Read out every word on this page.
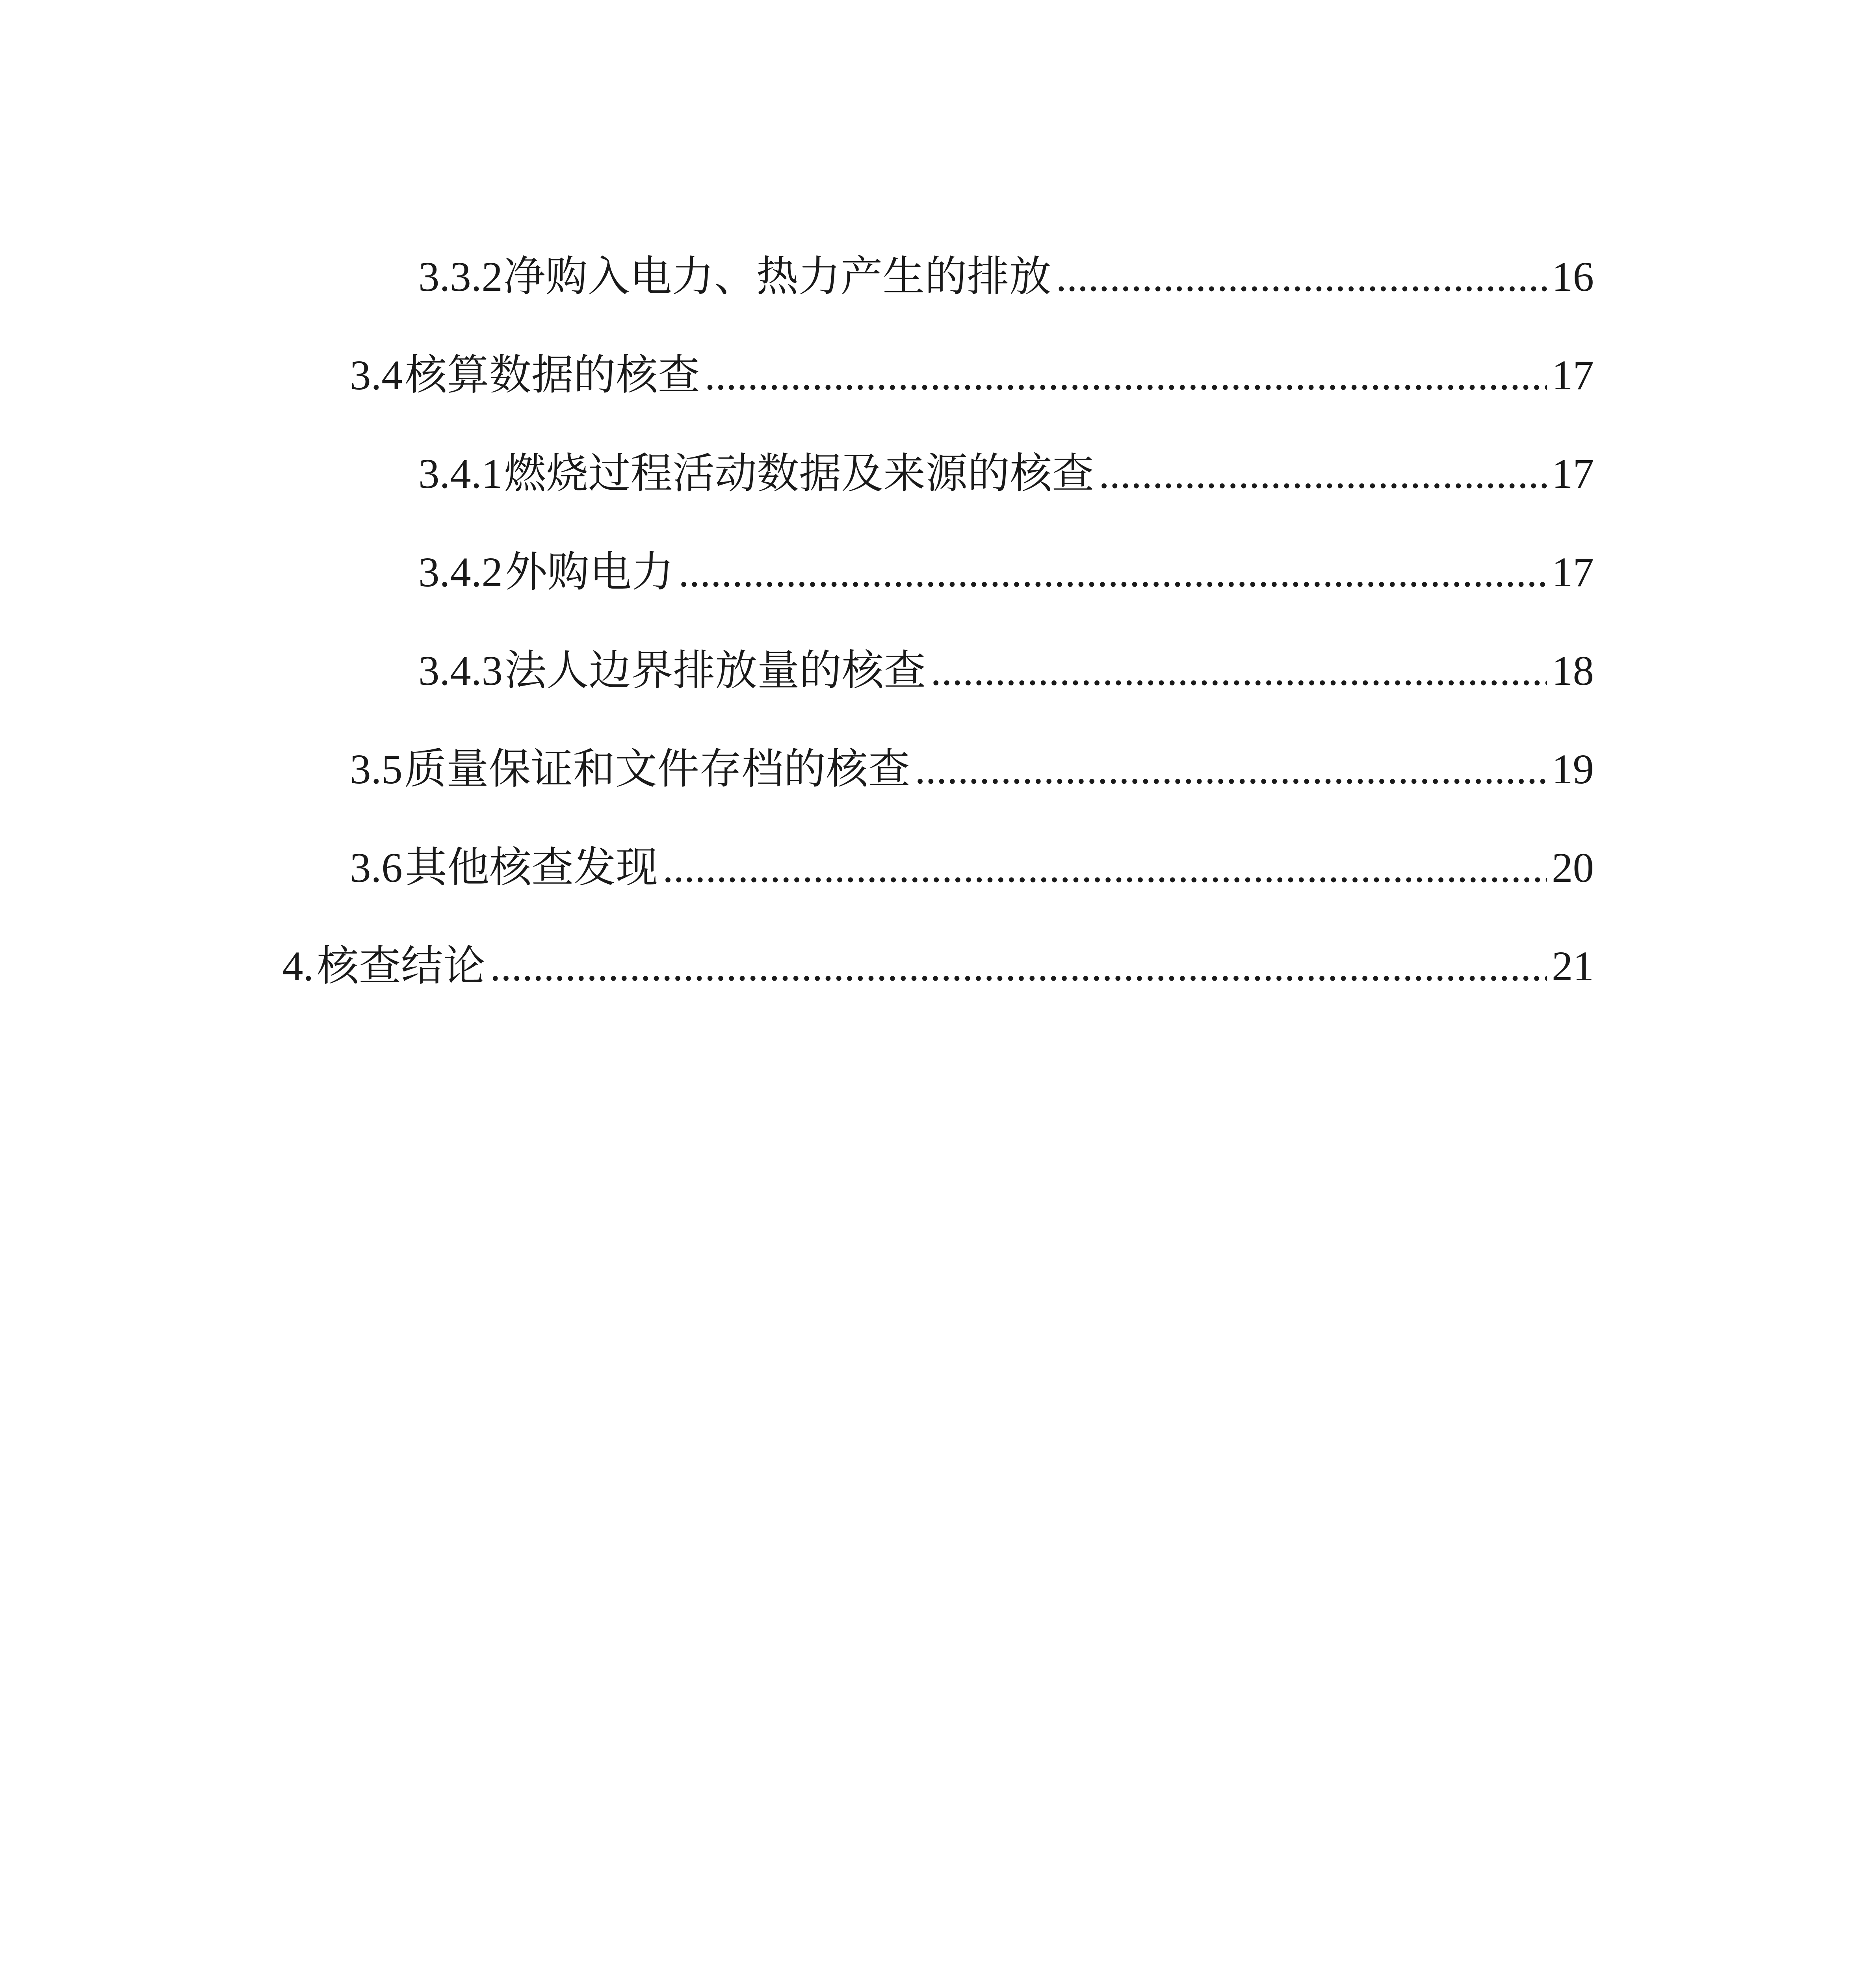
3.3.2 净购入电力、热力产生的排放 .....	16
3.4 核算数据的核查 .....	17
3.4.1 燃烧过程活动数据及来源的核查 .....	17
3.4.2 外购电力 .....	17
3.4.3 法人边界排放量的核查 .....	18
3.5 质量保证和文件存档的核查 .....	19
3.6 其他核查发现 .....	20
4. 核查结论 .....	21
